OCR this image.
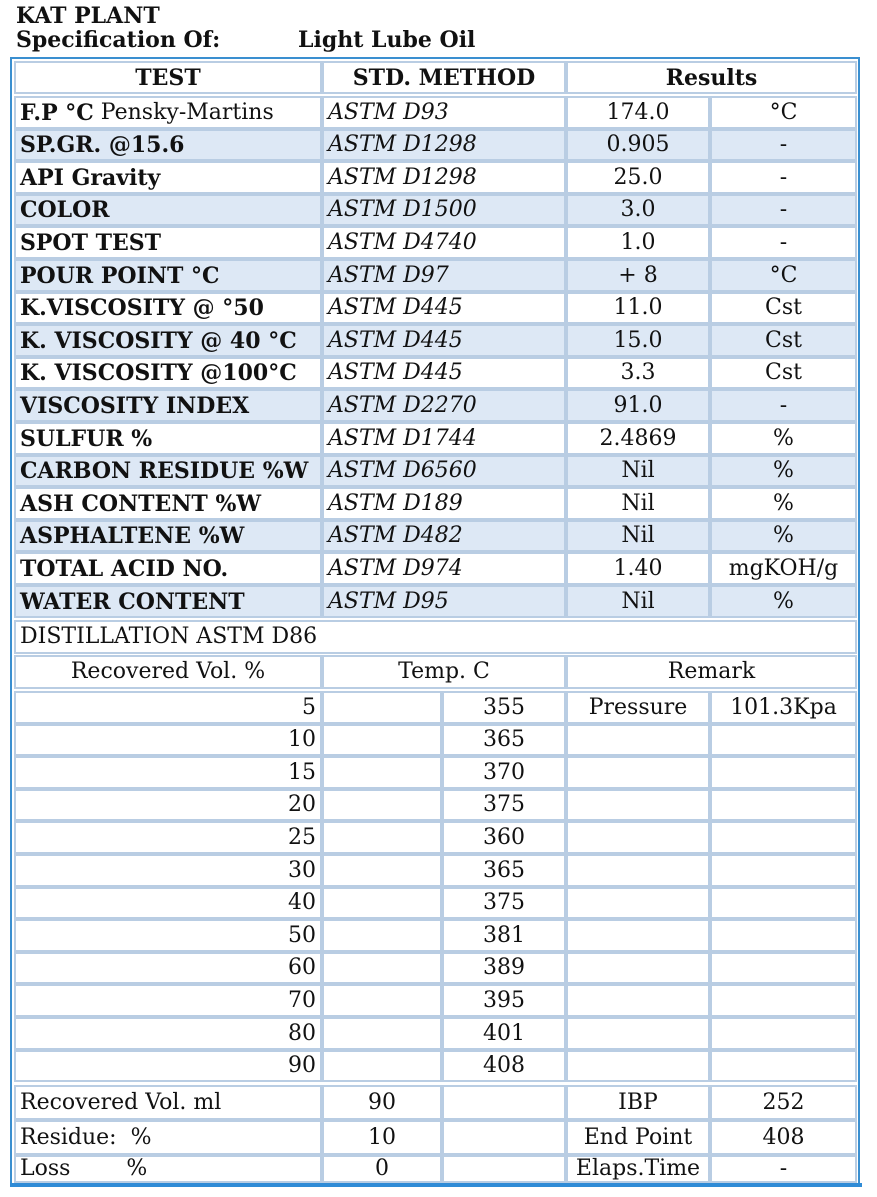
KAT PLANT
Specification Of:	Light Lube Oil
TEST	STD. METHOD	Results
F.P °C Pensky-Martins ASTM D93	174.0	°C
SP.GR. @15.6	ASTM D1298	0.905	-
API Gravity	ASTM D1298	25.0	-
COLOR	ASTM D1500	3.0	-
SPOT TEST	ASTM D4740	1.0	-
POUR POINT °C	ASTM D97	+ 8	°C
K.VISCOSITY @ °50	ASTM D445	11.0	Cst
K. VISCOSITY @ 40 °C ASTM D445	15.0	Cst
K. VISCOSITY @100°C ASTM D445	3.3	Cst
VISCOSITY INDEX	ASTM D2270	91.0	-
SULFUR %	ASTM D1744	2.4869	%
CARBON RESIDUE %W ASTM D6560	Nil	%
ASH CONTENT %W	ASTM D189	Nil	%
ASPHALTENE %W	ASTM D482	Nil	%
TOTAL ACID NO.	ASTM D974	1.40	mgKOH/g
WATER CONTENT	ASTM D95	Nil	%
DISTILLATION ASTM D86
Recovered Vol. %	Temp. C	Remark
5	355	Pressure	101.3Kpa
10	365
15	370
20	375
25	360
30	365
40	375
50	381
60	389
70	395
80	401
90	408
Recovered Vol. ml	90	IBP	252
Residue:  %	10	End Point	408
Loss        %	0	Elaps.Time	-
